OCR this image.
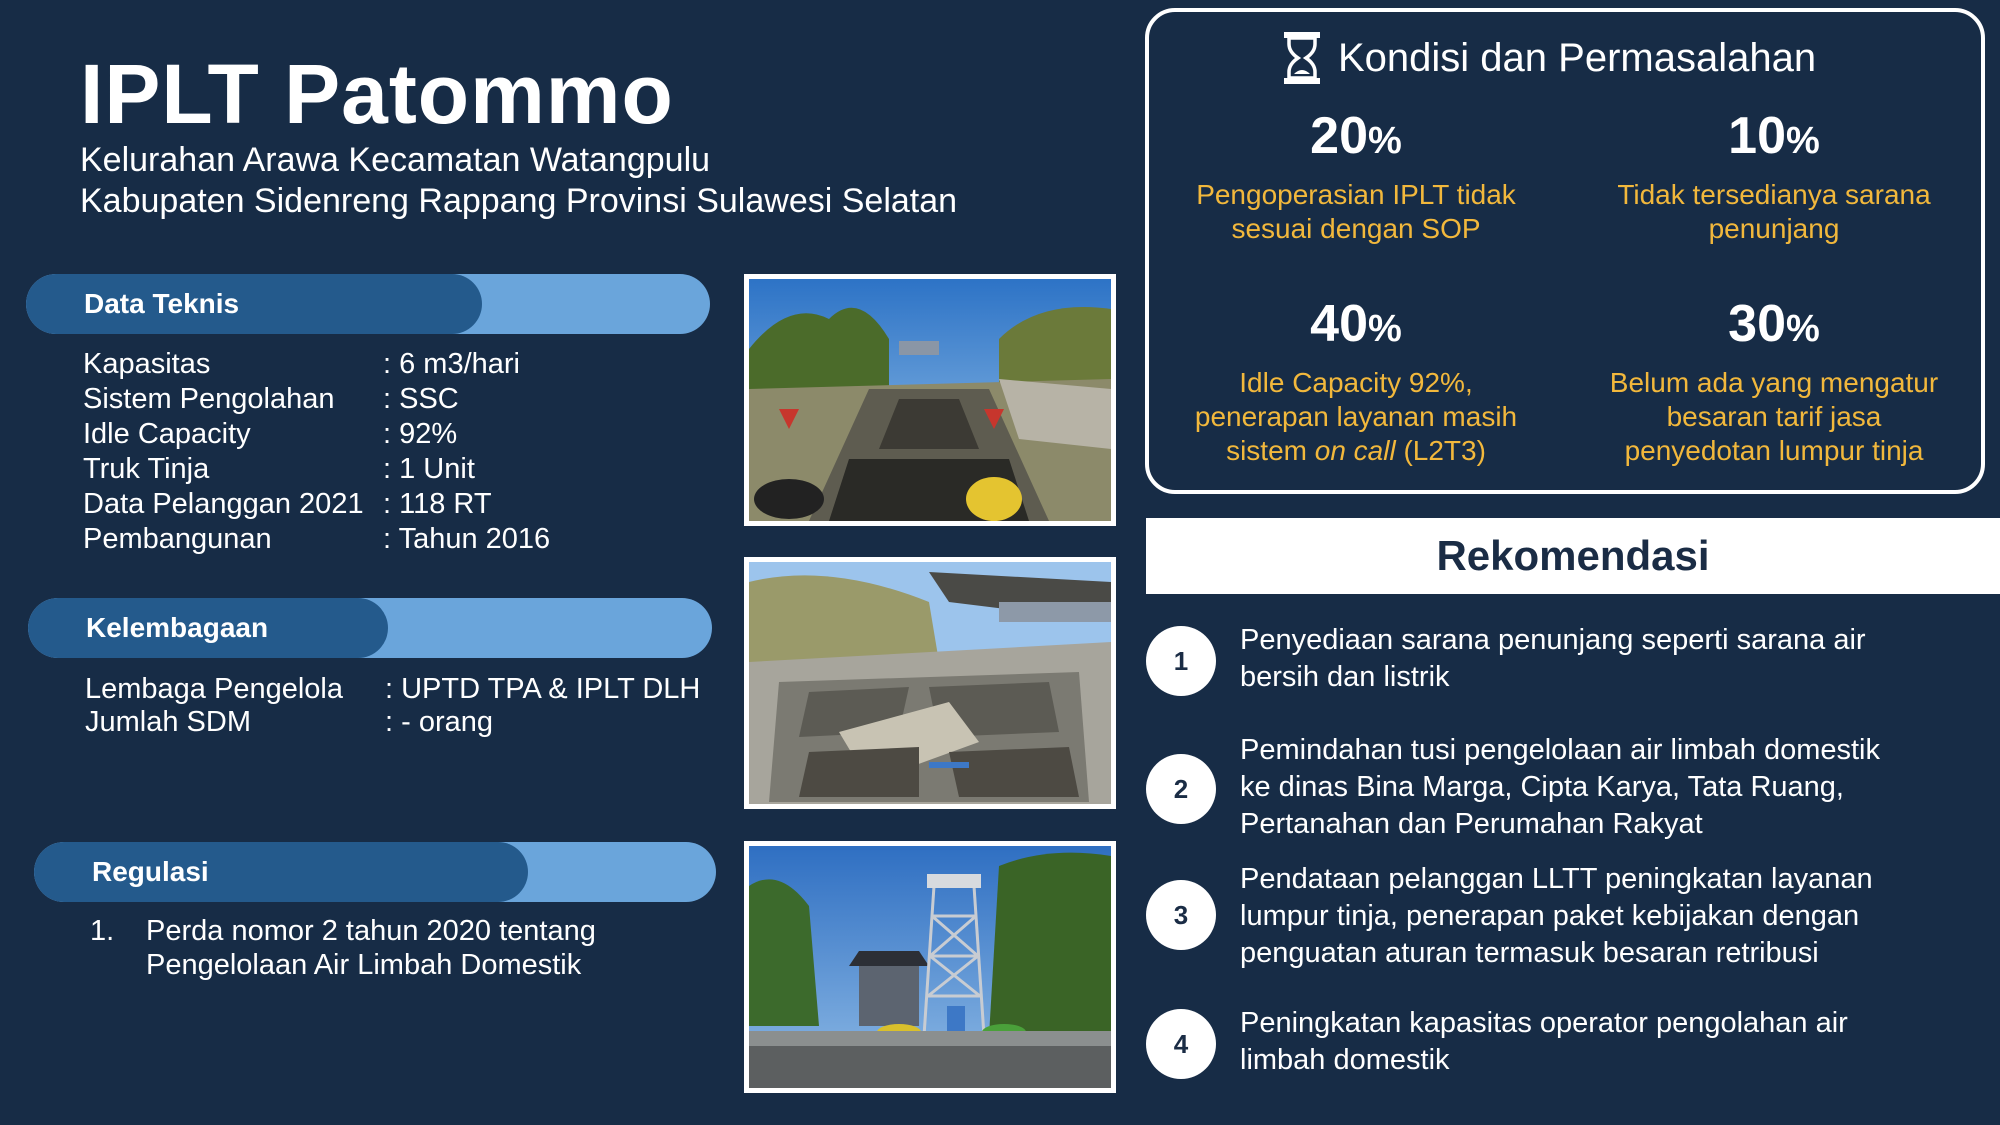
IPLT Patommo
Kelurahan Arawa Kecamatan Watangpulu
Kabupaten Sidenreng Rappang Provinsi Sulawesi Selatan
Data Teknis
Kapasitas	: 6 m3/hari
Sistem Pengolahan : SSC
Idle Capacity	: 92%
Truk Tinja	: 1 Unit
Data Pelanggan 2021 : 118 RT
Pembangunan	: Tahun 2016
Kelembagaan
Lembaga Pengelola : UPTD TPA & IPLT DLH
Jumlah SDM	: - orang
Regulasi
1. Perda nomor 2 tahun 2020 tentang
Pengelolaan Air Limbah Domestik
Kondisi dan Permasalahan
20%
Pengoperasian IPLT tidak
sesuai dengan SOP
10%
Tidak tersedianya sarana
penunjang
40%
Idle Capacity 92%,
penerapan layanan masih
sistem on call (L2T3)
30%
Belum ada yang mengatur
besaran tarif jasa
penyedotan lumpur tinja
Rekomendasi
1
Penyediaan sarana penunjang seperti sarana air
bersih dan listrik
2
Pemindahan tusi pengelolaan air limbah domestik
ke dinas Bina Marga, Cipta Karya, Tata Ruang,
Pertanahan dan Perumahan Rakyat
3
Pendataan pelanggan LLTT peningkatan layanan
lumpur tinja, penerapan paket kebijakan dengan
penguatan aturan termasuk besaran retribusi
4
Peningkatan kapasitas operator pengolahan air
limbah domestik
